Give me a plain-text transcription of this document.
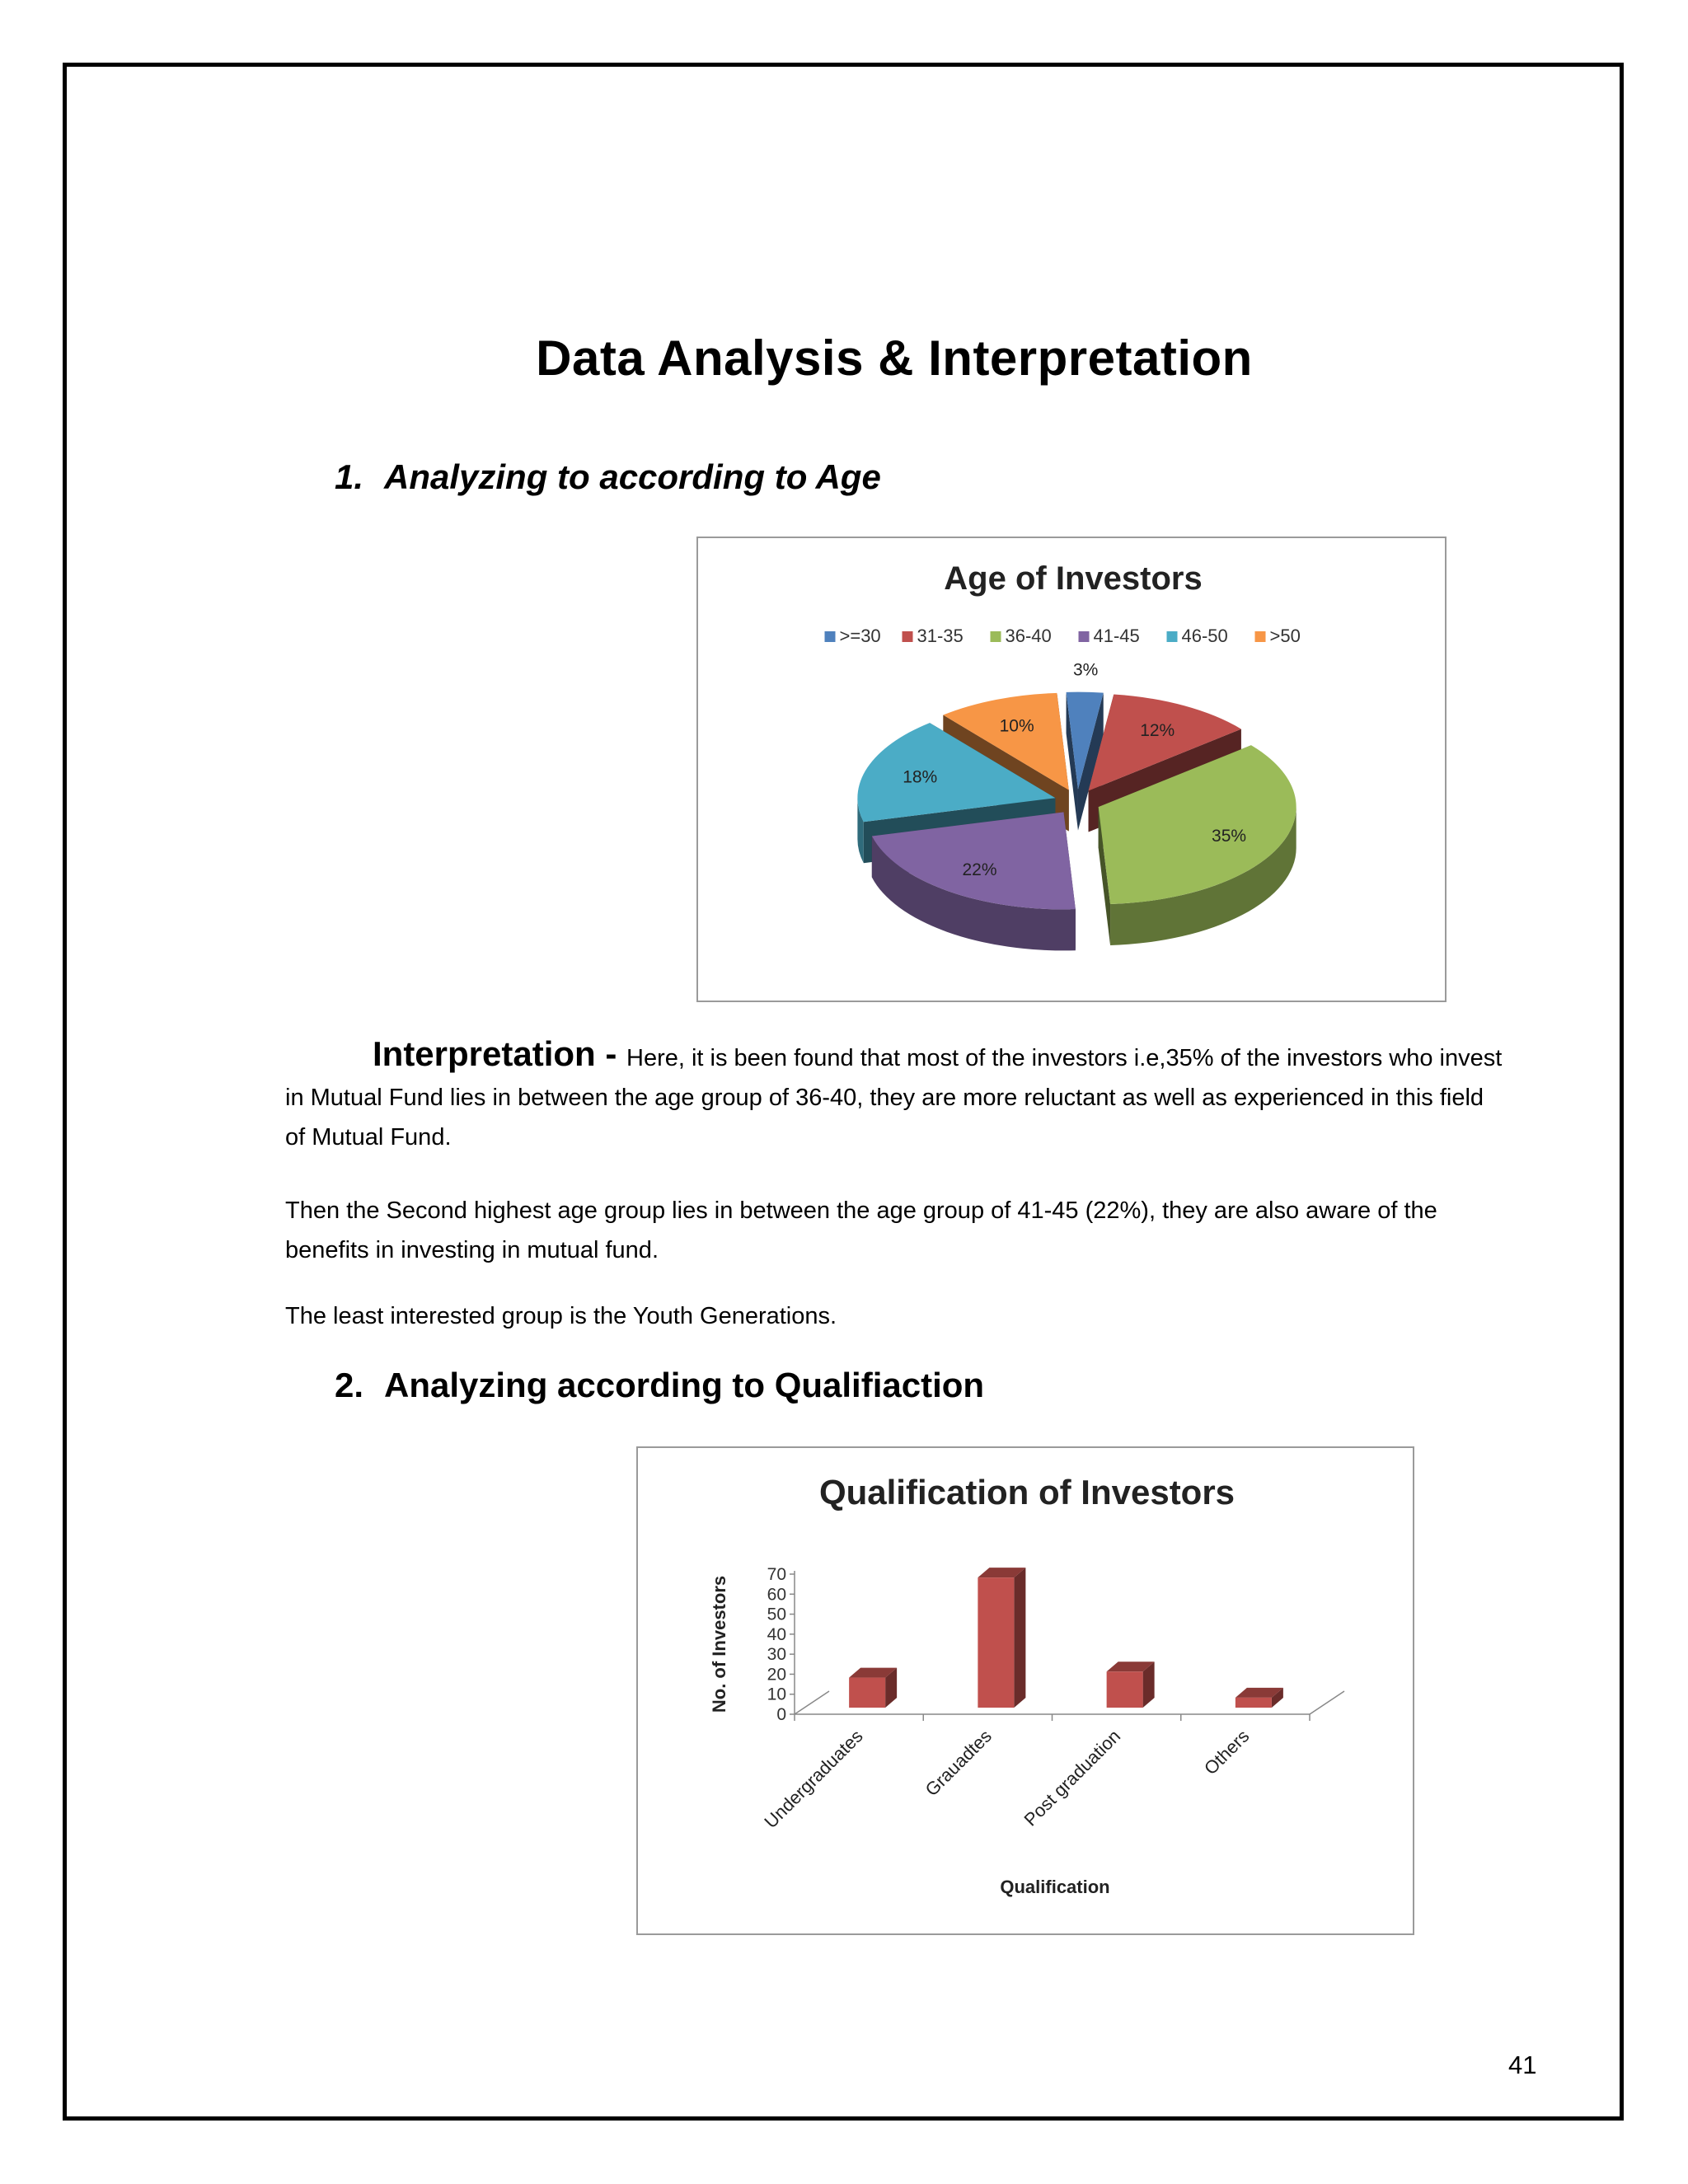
Data Analysis & Interpretation
1. Analyzing to according to Age
Age of Investors
>=30 31-35 36-40 41-45 46-50 >50
3%
12%
35%
22%
18%
10%
Interpretation - Here, it is been found that most of the investors i.e,35% of the investors who invest in Mutual Fund lies in between the age group of 36-40, they are more reluctant as well as experienced in this field of Mutual Fund.
Then the Second highest age group lies in between the age group of 41-45 (22%), they are also aware of the benefits in investing in mutual fund.
The least interested group is the Youth Generations.
2. Analyzing according to Qualifiaction
Qualification of Investors
No. of Investors
0
10
20
30
40
50
60
70
Undergraduates	Grauadtes Post graduation	Others
Qualification
41
